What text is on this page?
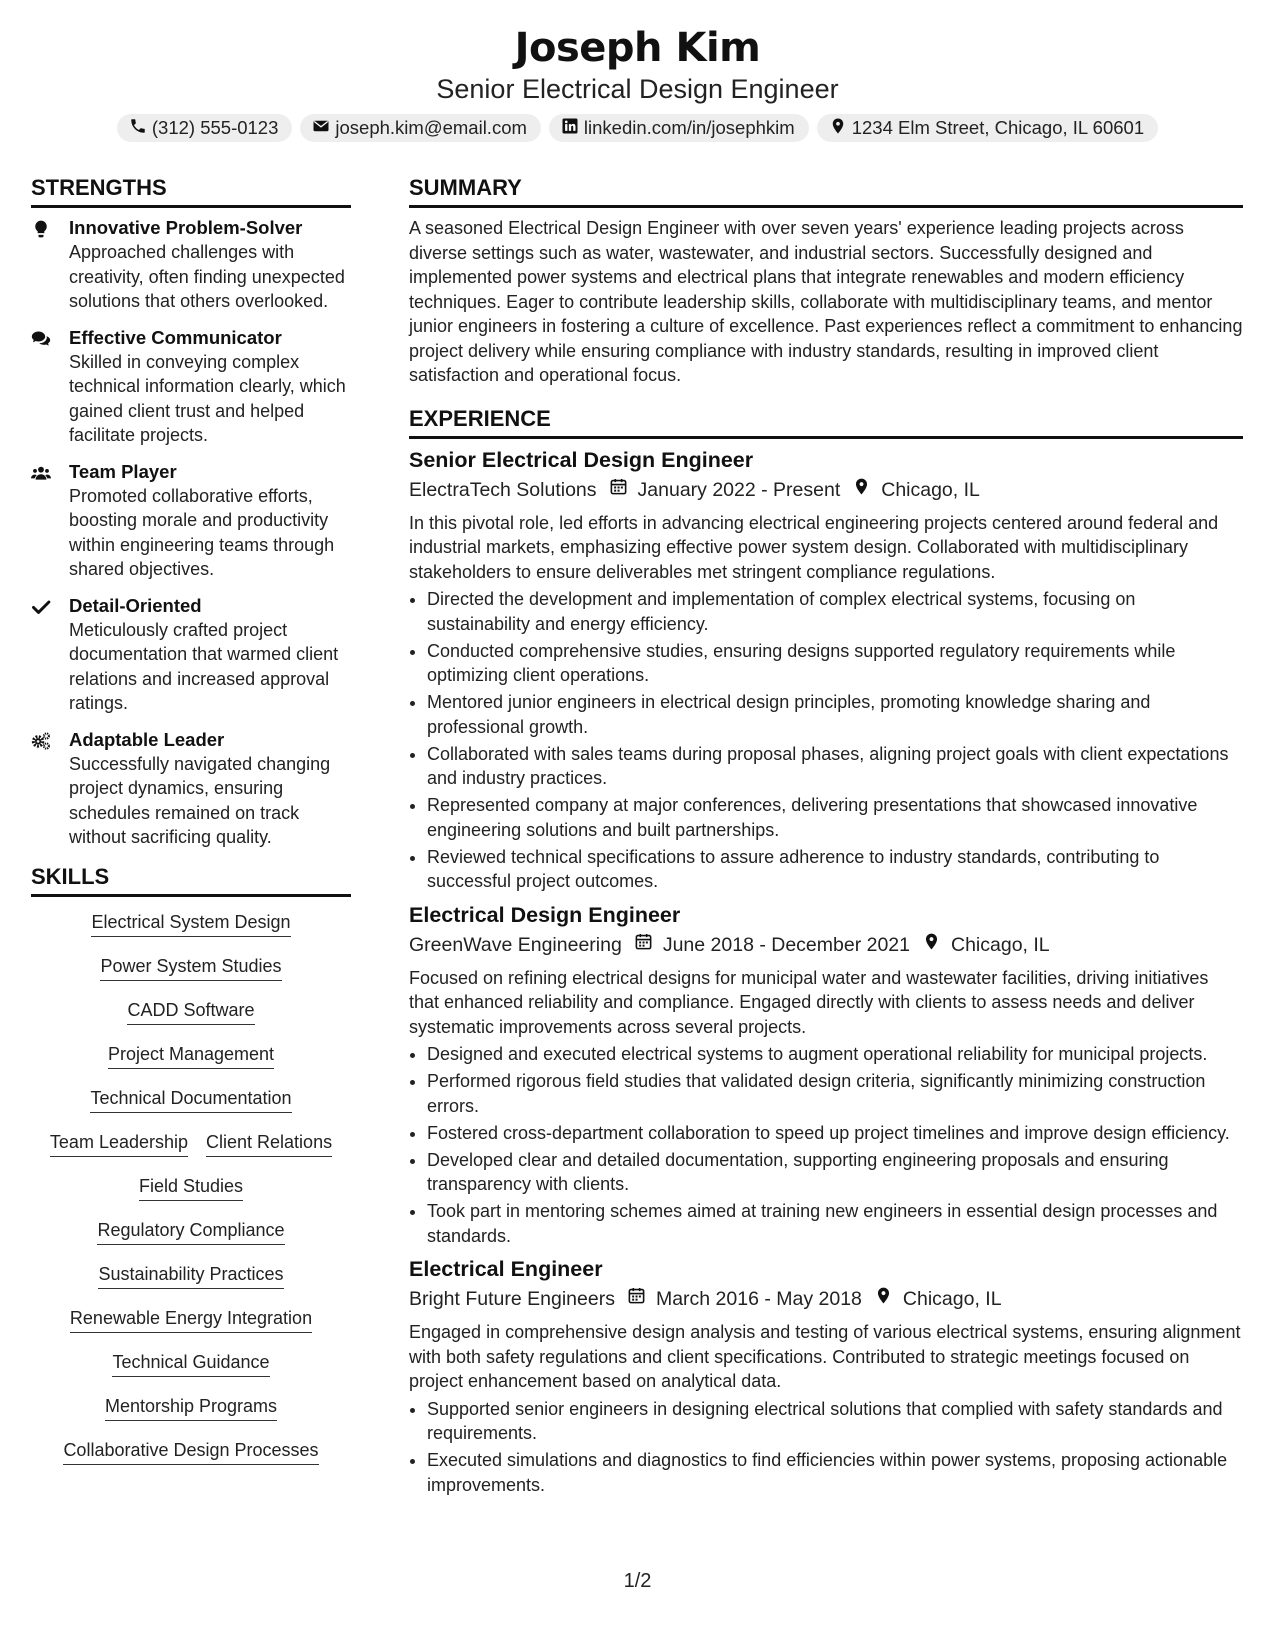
Joseph Kim
Senior Electrical Design Engineer
(312) 555-0123	joseph.kim@email.com	linkedin.com/in/josephkim	1234 Elm Street, Chicago, IL 60601
STRENGTHS
Innovative Problem-Solver
Approached challenges with creativity, often finding unexpected solutions that others overlooked.
Effective Communicator
Skilled in conveying complex technical information clearly, which gained client trust and helped facilitate projects.
Team Player
Promoted collaborative efforts, boosting morale and productivity within engineering teams through shared objectives.
Detail-Oriented
Meticulously crafted project documentation that warmed client relations and increased approval ratings.
Adaptable Leader
Successfully navigated changing project dynamics, ensuring schedules remained on track without sacrificing quality.
SKILLS
Electrical System Design
Power System Studies
CADD Software
Project Management
Technical Documentation
Team Leadership Client Relations
Field Studies
Regulatory Compliance
Sustainability Practices
Renewable Energy Integration
Technical Guidance
Mentorship Programs
Collaborative Design Processes
SUMMARY
A seasoned Electrical Design Engineer with over seven years' experience leading projects across diverse settings such as water, wastewater, and industrial sectors. Successfully designed and implemented power systems and electrical plans that integrate renewables and modern efficiency techniques. Eager to contribute leadership skills, collaborate with multidisciplinary teams, and mentor junior engineers in fostering a culture of excellence. Past experiences reflect a commitment to enhancing project delivery while ensuring compliance with industry standards, resulting in improved client satisfaction and operational focus.
EXPERIENCE
Senior Electrical Design Engineer
ElectraTech Solutions January 2022 - Present Chicago, IL
In this pivotal role, led efforts in advancing electrical engineering projects centered around federal and industrial markets, emphasizing effective power system design. Collaborated with multidisciplinary stakeholders to ensure deliverables met stringent compliance regulations.
• Directed the development and implementation of complex electrical systems, focusing on sustainability and energy efficiency.
• Conducted comprehensive studies, ensuring designs supported regulatory requirements while optimizing client operations.
• Mentored junior engineers in electrical design principles, promoting knowledge sharing and professional growth.
• Collaborated with sales teams during proposal phases, aligning project goals with client expectations and industry practices.
• Represented company at major conferences, delivering presentations that showcased innovative engineering solutions and built partnerships.
• Reviewed technical specifications to assure adherence to industry standards, contributing to successful project outcomes.
Electrical Design Engineer
GreenWave Engineering June 2018 - December 2021 Chicago, IL
Focused on refining electrical designs for municipal water and wastewater facilities, driving initiatives that enhanced reliability and compliance. Engaged directly with clients to assess needs and deliver systematic improvements across several projects.
• Designed and executed electrical systems to augment operational reliability for municipal projects.
• Performed rigorous field studies that validated design criteria, significantly minimizing construction errors.
• Fostered cross-department collaboration to speed up project timelines and improve design efficiency.
• Developed clear and detailed documentation, supporting engineering proposals and ensuring transparency with clients.
• Took part in mentoring schemes aimed at training new engineers in essential design processes and standards.
Electrical Engineer
Bright Future Engineers March 2016 - May 2018 Chicago, IL
Engaged in comprehensive design analysis and testing of various electrical systems, ensuring alignment with both safety regulations and client specifications. Contributed to strategic meetings focused on project enhancement based on analytical data.
• Supported senior engineers in designing electrical solutions that complied with safety standards and requirements.
• Executed simulations and diagnostics to find efficiencies within power systems, proposing actionable improvements.
1/2
